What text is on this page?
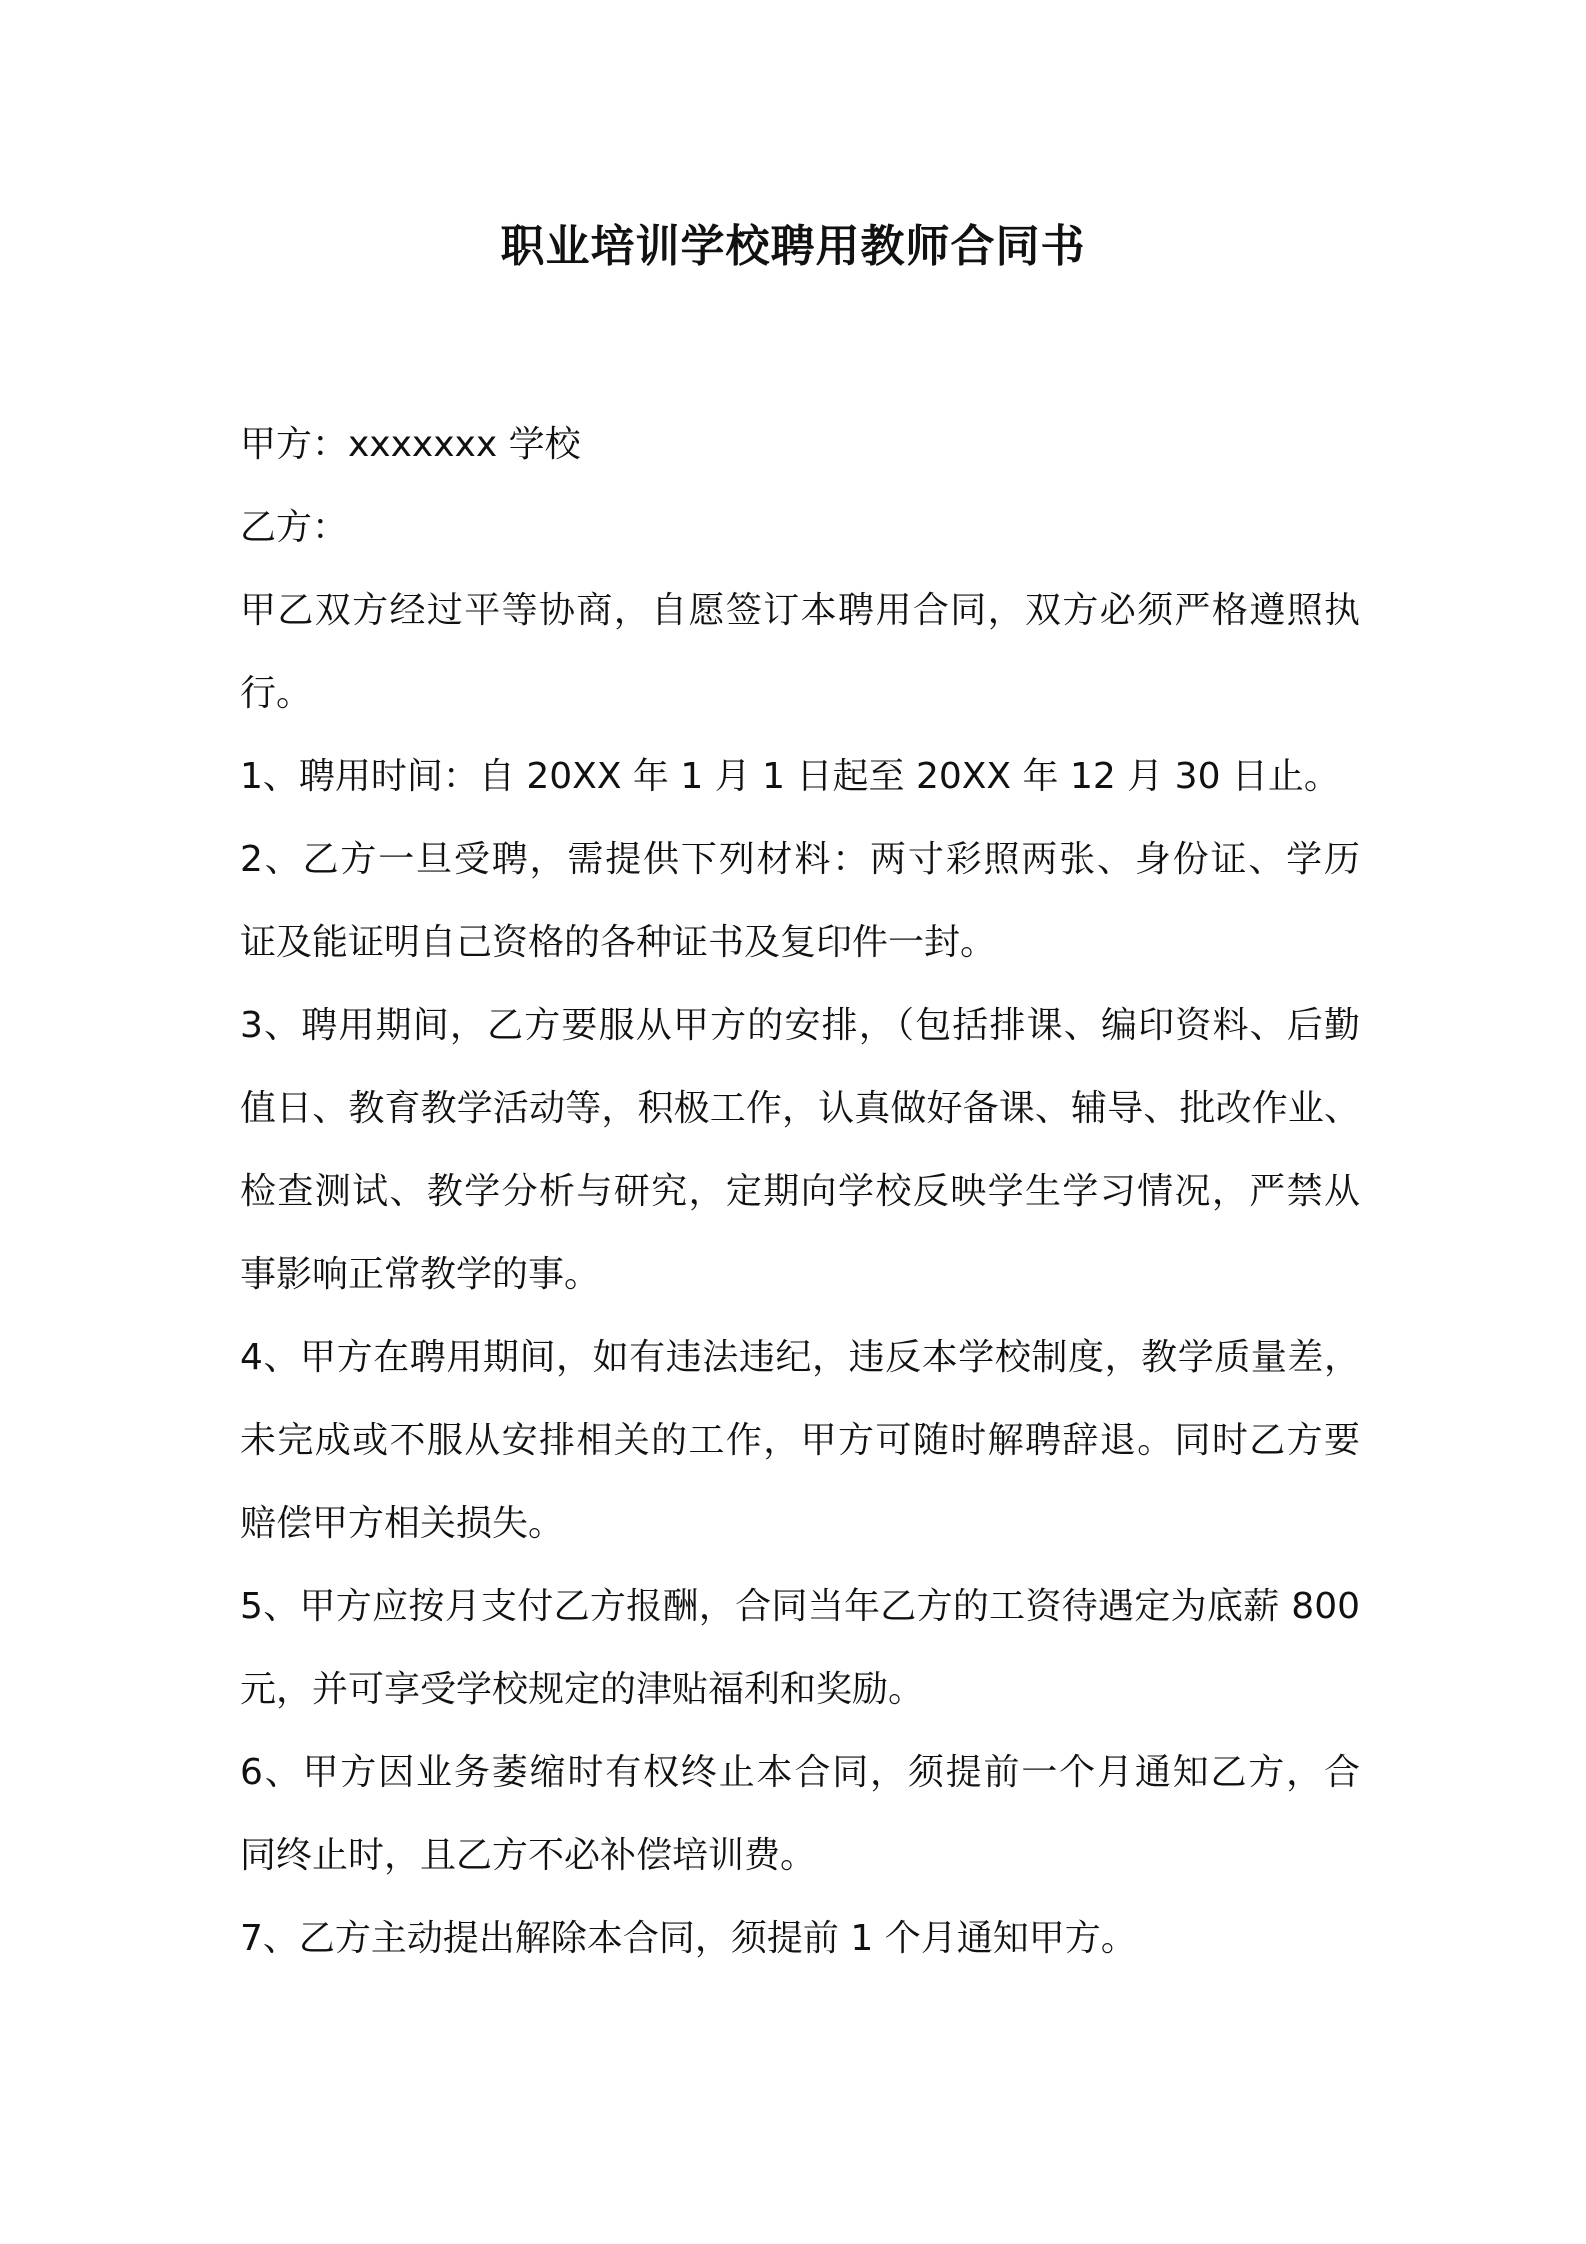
职业培训学校聘用教师合同书
甲方：xxxxxxx 学校
乙方：
甲乙双方经过平等协商，自愿签订本聘用合同，双方必须严格遵照执
行。
1、聘用时间：自 20XX 年 1 月 1 日起至 20XX 年 12 月 30 日止。
2、乙方一旦受聘，需提供下列材料：两寸彩照两张、身份证、学历
证及能证明自己资格的各种证书及复印件一封。
3、聘用期间，乙方要服从甲方的安排，（包括排课、编印资料、后勤
值日、教育教学活动等，积极工作，认真做好备课、辅导、批改作业、
检查测试、教学分析与研究，定期向学校反映学生学习情况，严禁从
事影响正常教学的事。
4、甲方在聘用期间，如有违法违纪，违反本学校制度，教学质量差，
未完成或不服从安排相关的工作，甲方可随时解聘辞退。同时乙方要
赔偿甲方相关损失。
5、甲方应按月支付乙方报酬，合同当年乙方的工资待遇定为底薪 800
元，并可享受学校规定的津贴福利和奖励。
6、甲方因业务萎缩时有权终止本合同，须提前一个月通知乙方，合
同终止时，且乙方不必补偿培训费。
7、乙方主动提出解除本合同，须提前 1 个月通知甲方。
